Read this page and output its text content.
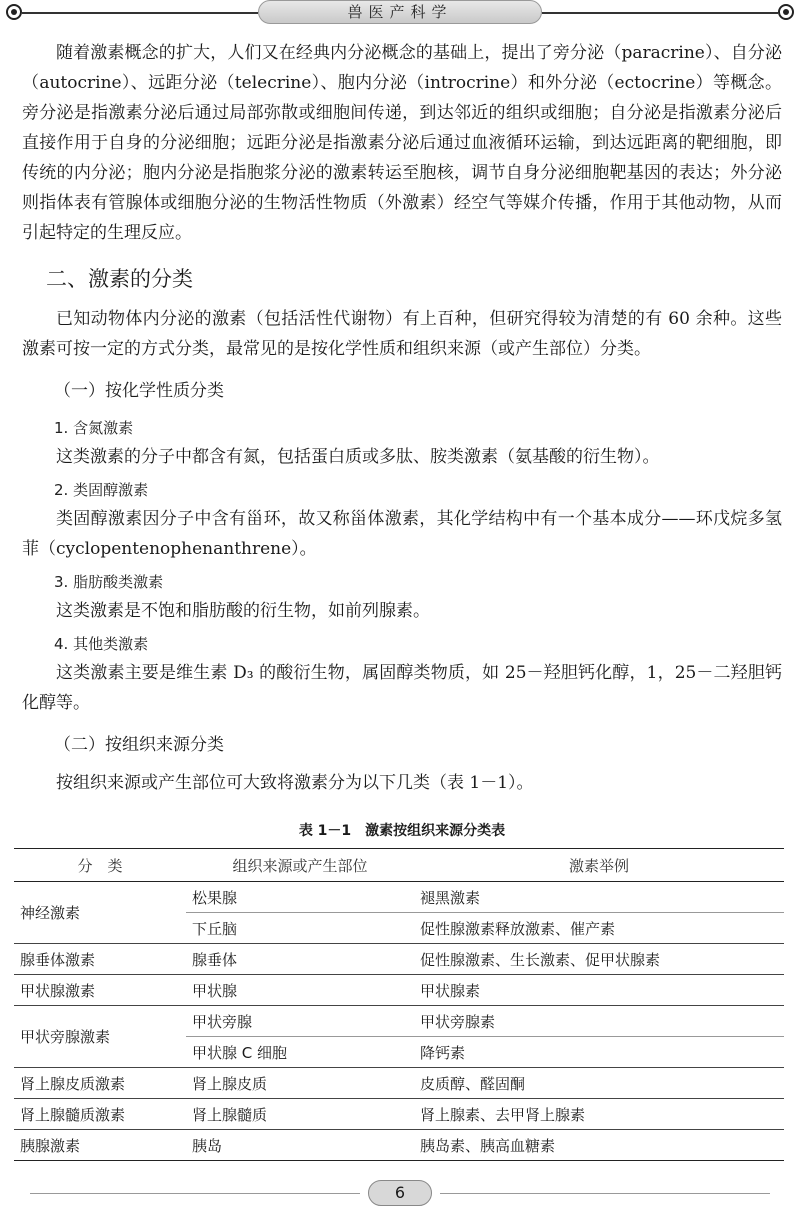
兽医产科学

随着激素概念的扩大，人们又在经典内分泌概念的基础上，提出了旁分泌（paracrine）、自分泌（autocrine）、远距分泌（telecrine）、胞内分泌（introcrine）和外分泌（ectocrine）等概念。旁分泌是指激素分泌后通过局部弥散或细胞间传递，到达邻近的组织或细胞；自分泌是指激素分泌后直接作用于自身的分泌细胞；远距分泌是指激素分泌后通过血液循环运输，到达远距离的靶细胞，即传统的内分泌；胞内分泌是指胞浆分泌的激素转运至胞核，调节自身分泌细胞靶基因的表达；外分泌则指体表有管腺体或细胞分泌的生物活性物质（外激素）经空气等媒介传播，作用于其他动物，从而引起特定的生理反应。

二、激素的分类

已知动物体内分泌的激素（包括活性代谢物）有上百种，但研究得较为清楚的有 60 余种。这些激素可按一定的方式分类，最常见的是按化学性质和组织来源（或产生部位）分类。

（一）按化学性质分类
1. 含氮激素

这类激素的分子中都含有氮，包括蛋白质或多肽、胺类激素（氨基酸的衍生物）。

2. 类固醇激素

类固醇激素因分子中含有甾环，故又称甾体激素，其化学结构中有一个基本成分——环戊烷多氢菲（cyclopentenophenanthrene）。

3. 脂肪酸类激素

这类激素是不饱和脂肪酸的衍生物，如前列腺素。

4. 其他类激素

这类激素主要是维生素 D₃ 的酸衍生物，属固醇类物质，如 25－羟胆钙化醇，1，25－二羟胆钙化醇等。

（二）按组织来源分类

按组织来源或产生部位可大致将激素分为以下几类（表 1－1）。

表 1－1　激素按组织来源分类表
分　类	组织来源或产生部位	激素举例
神经激素	松果腺	褪黑激素
	下丘脑	促性腺激素释放激素、催产素
腺垂体激素	腺垂体	促性腺激素、生长激素、促甲状腺素
甲状腺激素	甲状腺	甲状腺素
甲状旁腺激素	甲状旁腺	甲状旁腺素
	甲状腺 C 细胞	降钙素
肾上腺皮质激素	肾上腺皮质	皮质醇、醛固酮
肾上腺髓质激素	肾上腺髓质	肾上腺素、去甲肾上腺素
胰腺激素	胰岛	胰岛素、胰高血糖素
6
